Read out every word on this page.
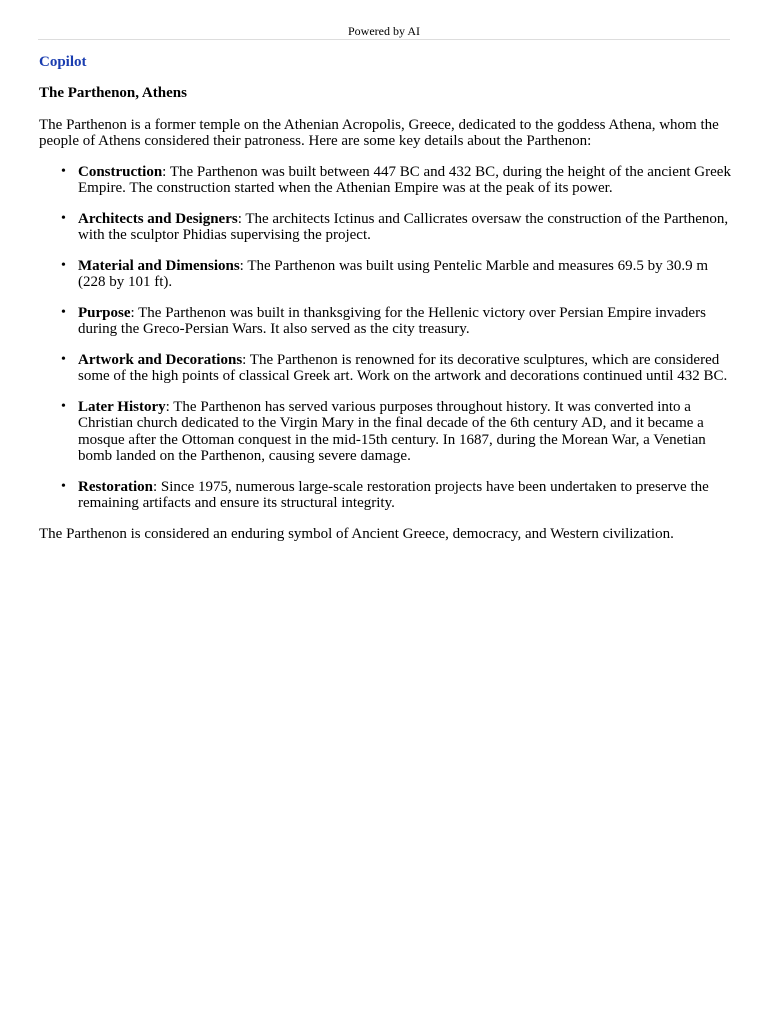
Powered by AI
Copilot
The Parthenon, Athens
The Parthenon is a former temple on the Athenian Acropolis, Greece, dedicated to the goddess Athena, whom the people of Athens considered their patroness. Here are some key details about the Parthenon:
• Construction: The Parthenon was built between 447 BC and 432 BC, during the height of the ancient Greek Empire. The construction started when the Athenian Empire was at the peak of its power.
• Architects and Designers: The architects Ictinus and Callicrates oversaw the construction of the Parthenon, with the sculptor Phidias supervising the project.
• Material and Dimensions: The Parthenon was built using Pentelic Marble and measures 69.5 by 30.9 m (228 by 101 ft).
• Purpose: The Parthenon was built in thanksgiving for the Hellenic victory over Persian Empire invaders during the Greco-Persian Wars. It also served as the city treasury.
• Artwork and Decorations: The Parthenon is renowned for its decorative sculptures, which are considered some of the high points of classical Greek art. Work on the artwork and decorations continued until 432 BC.
• Later History: The Parthenon has served various purposes throughout history. It was converted into a Christian church dedicated to the Virgin Mary in the final decade of the 6th century AD, and it became a mosque after the Ottoman conquest in the mid-15th century. In 1687, during the Morean War, a Venetian bomb landed on the Parthenon, causing severe damage.
• Restoration: Since 1975, numerous large-scale restoration projects have been undertaken to preserve the remaining artifacts and ensure its structural integrity.
The Parthenon is considered an enduring symbol of Ancient Greece, democracy, and Western civilization.
